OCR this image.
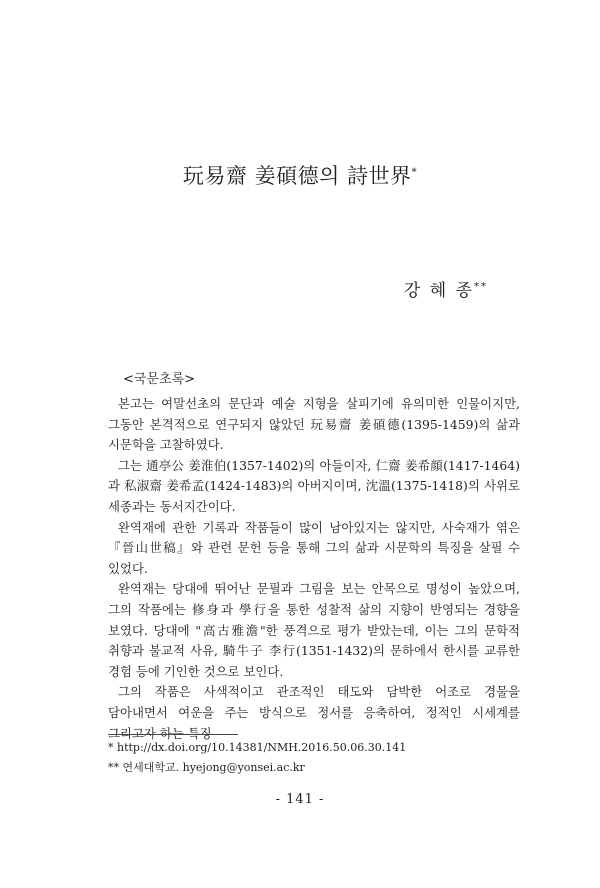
玩易齋 姜碩德의 詩世界*
강 혜 종**
<국문초록>

본고는 여말선초의 문단과 예술 지형을 살피기에 유의미한 인물이지만, 그동안 본격적으로 연구되지 않았던 玩易齋 姜碩德(1395-1459)의 삶과 시문학을 고찰하였다.

그는 通亭公 姜淮伯(1357-1402)의 아들이자, 仁齋 姜希顔(1417-1464)과 私淑齋 姜希孟(1424-1483)의 아버지이며, 沈溫(1375-1418)의 사위로 세종과는 동서지간이다.

완역재에 관한 기록과 작품들이 많이 남아있지는 않지만, 사숙재가 엮은 『晉山世稿』와 관련 문헌 등을 통해 그의 삶과 시문학의 특징을 살필 수 있었다.

완역재는 당대에 뛰어난 문필과 그림을 보는 안목으로 명성이 높았으며, 그의 작품에는 修身과 學行을 통한 성찰적 삶의 지향이 반영되는 경향을 보였다. 당대에 "高古雅澹"한 풍격으로 평가 받았는데, 이는 그의 문학적 취향과 불교적 사유, 騎牛子 李行(1351-1432)의 문하에서 한시를 교류한 경험 등에 기인한 것으로 보인다.

그의 작품은 사색적이고 관조적인 태도와 담박한 어조로 경물을 담아내면서 여운을 주는 방식으로 정서를 응축하여, 정적인 시세계를 그리고자 하는 특징

* http://dx.doi.org/10.14381/NMH.2016.50.06.30.141
** 연세대학교. hyejong@yonsei.ac.kr
- 141 -
